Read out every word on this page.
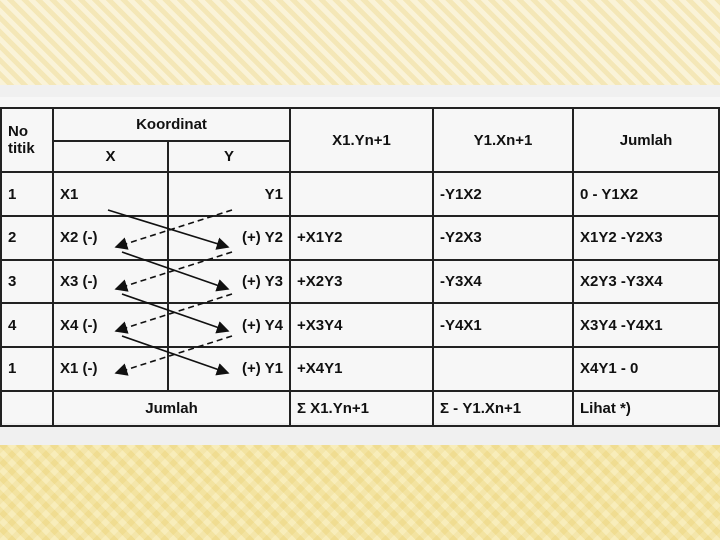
No titik	Koordinat		X1.Yn+1	Y1.Xn+1	Jumlah
	X	Y			
1	X1	Y1		-Y1X2	0 - Y1X2
2	X2 (-)	(+) Y2	+X1Y2	-Y2X3	X1Y2 -Y2X3
3	X3 (-)	(+) Y3	+X2Y3	-Y3X4	X2Y3 -Y3X4
4	X4 (-)	(+) Y4	+X3Y4	-Y4X1	X3Y4 -Y4X1
1	X1 (-)	(+) Y1	+X4Y1		X4Y1 - 0
	Jumlah		Σ X1.Yn+1	Σ - Y1.Xn+1	Lihat *)
